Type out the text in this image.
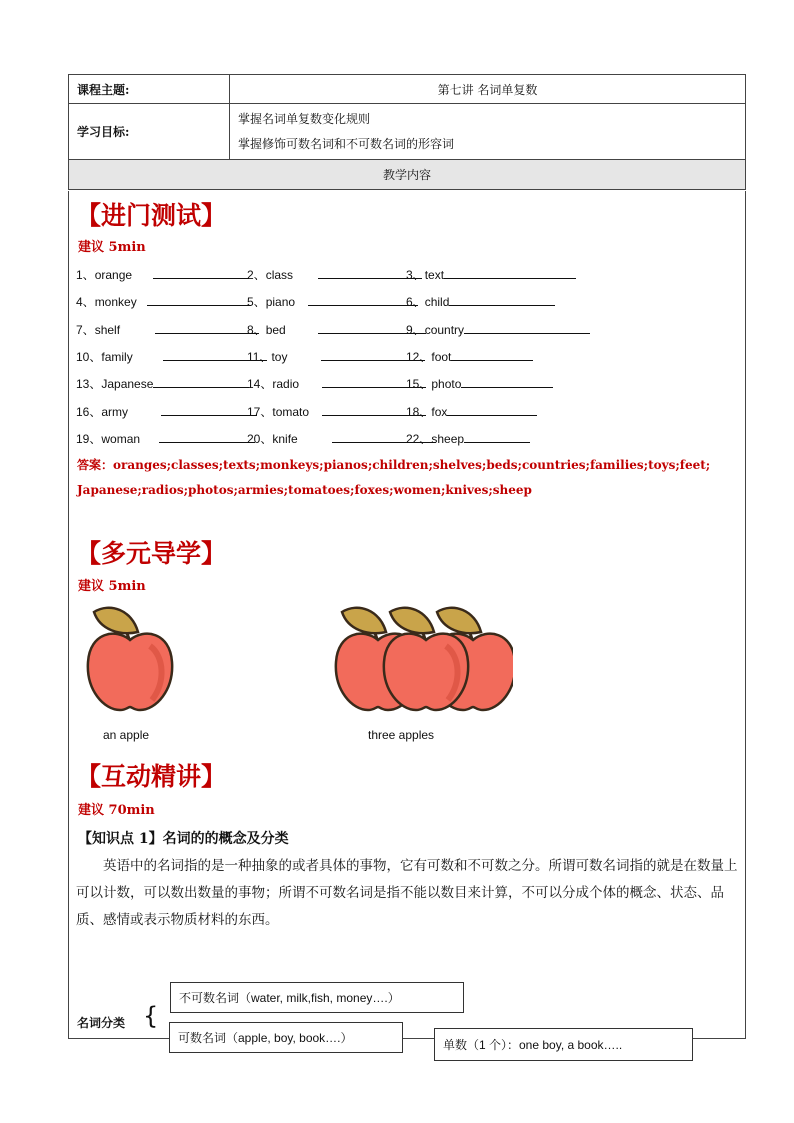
课程主题:	第七讲 名词单复数
学习目标:	掌握名词单复数变化规则
掌握修饰可数名词和不可数名词的形容词

教学内容	
【进门测试】
建议 5min
1、orange	2、class	3、text
4、monkey	5、piano	6、child
7、shelf	8、bed	9、country
10、family	11、toy	12、foot
13、Japanese	14、radio	15、photo
16、army	17、tomato	18、fox
19、woman	20、knife	22、sheep
答案：oranges;classes;texts;monkeys;pianos;children;shelves;beds;countries;families;toys;feet;
Japanese;radios;photos;armies;tomatoes;foxes;women;knives;sheep
【多元导学】
建议 5min
an apple	three apples
【互动精讲】
建议 70min
【知识点 1】名词的的概念及分类
英语中的名词指的是一种抽象的或者具体的事物，它有可数和不可数之分。所谓可数名词指的就是在数量上可以计数，可以数出数量的事物；所谓不可数名词是指不能以数目来计算，不可以分成个体的概念、状态、品质、感情或表示物质材料的东西。
名词分类 {
不可数名词（water, milk,fish, money….）
可数名词（apple, boy, book….）	单数（1 个）：one boy, a book…..
